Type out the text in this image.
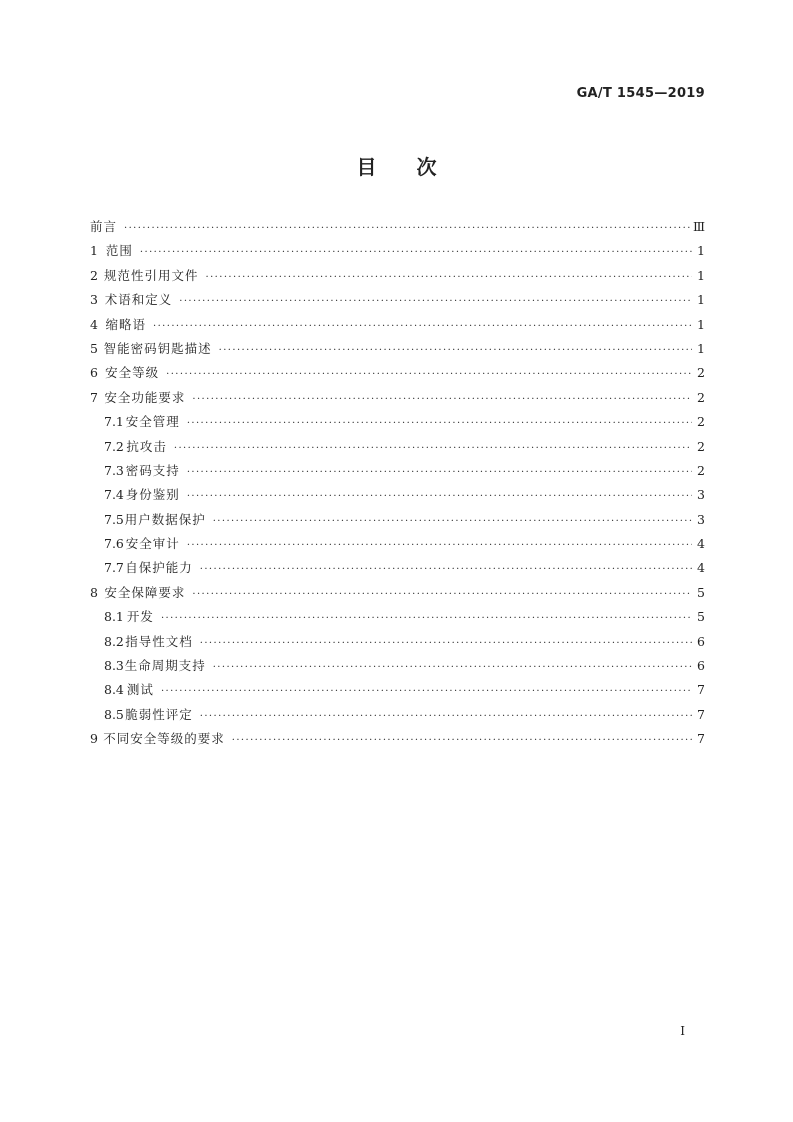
GA/T 1545—2019
目次
前言 ·····	Ⅲ
1 范围 ·····	1
2 规范性引用文件 ·····	1
3 术语和定义 ·····	1
4 缩略语 ·····	1
5 智能密码钥匙描述 ·····	1
6 安全等级 ·····	2
7 安全功能要求 ·····	2
7.1 安全管理 ·····	2
7.2 抗攻击 ·····	2
7.3 密码支持 ·····	2
7.4 身份鉴别 ·····	3
7.5 用户数据保护 ·····	3
7.6 安全审计 ·····	4
7.7 自保护能力 ·····	4
8 安全保障要求 ·····	5
8.1 开发 ·····	5
8.2 指导性文档 ·····	6
8.3 生命周期支持 ·····	6
8.4 测试 ·····	7
8.5 脆弱性评定 ·····	7
9 不同安全等级的要求 ·····	7
I
